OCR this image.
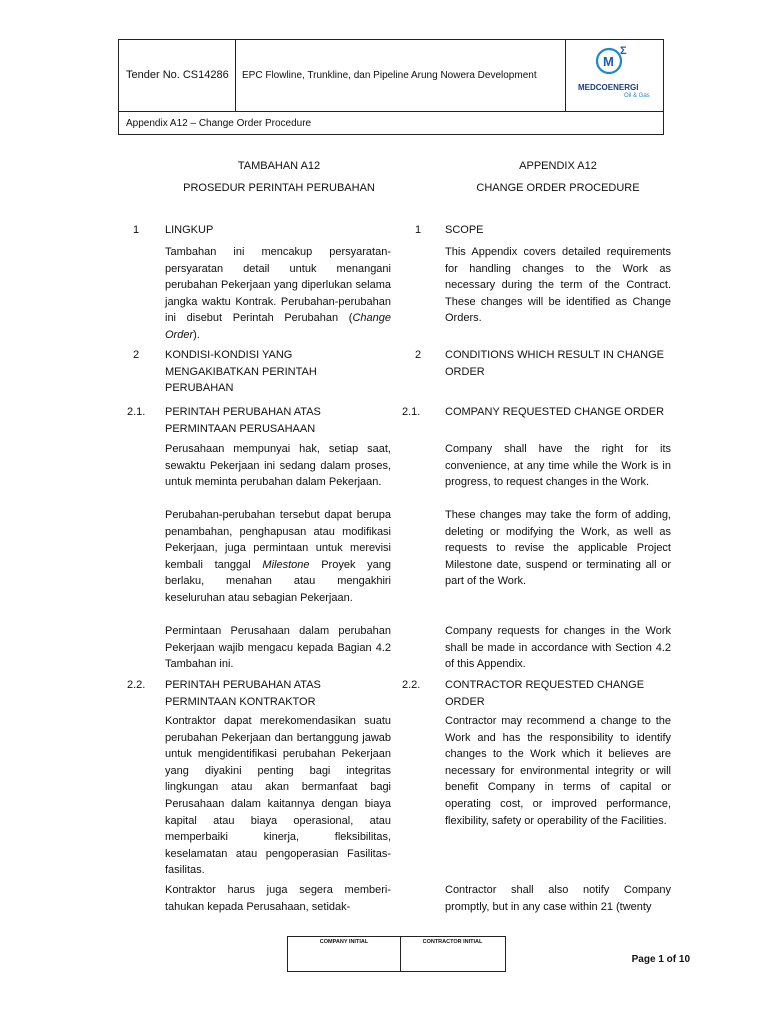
Tender No. CS14286	EPC Flowline, Trunkline, dan Pipeline Arung Nowera Development
M
Σ
MEDCOENERGI
Oil & Gas
Appendix A12 – Change Order Procedure
TAMBAHAN A12
PROSEDUR PERINTAH PERUBAHAN
APPENDIX A12
CHANGE ORDER PROCEDURE
1 LINGKUP
Tambahan ini mencakup persyaratan-persyaratan detail untuk menangani perubahan Pekerjaan yang diperlukan selama jangka waktu Kontrak. Perubahan-perubahan ini disebut Perintah Perubahan (Change Order).
1 SCOPE
This Appendix covers detailed requirements for handling changes to the Work as necessary during the term of the Contract. These changes will be identified as Change Orders.
2 KONDISI-KONDISI YANG MENGAKIBATKAN PERINTAH PERUBAHAN
2 CONDITIONS WHICH RESULT IN CHANGE ORDER
2.1. PERINTAH PERUBAHAN ATAS PERMINTAAN PERUSAHAAN
Perusahaan mempunyai hak, setiap saat, sewaktu Pekerjaan ini sedang dalam proses, untuk meminta perubahan dalam Pekerjaan.
Perubahan-perubahan tersebut dapat berupa penambahan, penghapusan atau modifikasi Pekerjaan, juga permintaan untuk merevisi kembali tanggal Milestone Proyek yang berlaku, menahan atau mengakhiri keseluruhan atau sebagian Pekerjaan.
Permintaan Perusahaan dalam perubahan Pekerjaan wajib mengacu kepada Bagian 4.2 Tambahan ini.
2.1. COMPANY REQUESTED CHANGE ORDER
Company shall have the right for its convenience, at any time while the Work is in progress, to request changes in the Work.
These changes may take the form of adding, deleting or modifying the Work, as well as requests to revise the applicable Project Milestone date, suspend or terminating all or part of the Work.
Company requests for changes in the Work shall be made in accordance with Section 4.2 of this Appendix.
2.2. PERINTAH PERUBAHAN ATAS PERMINTAAN KONTRAKTOR
Kontraktor dapat merekomendasikan suatu perubahan Pekerjaan dan bertanggung jawab untuk mengidentifikasi perubahan Pekerjaan yang diyakini penting bagi integritas lingkungan atau akan bermanfaat bagi Perusahaan dalam kaitannya dengan biaya kapital atau biaya operasional, atau memperbaiki kinerja, fleksibilitas, keselamatan atau pengoperasian Fasilitas-fasilitas.
Kontraktor harus juga segera memberi-tahukan kepada Perusahaan, setidak-
2.2. CONTRACTOR REQUESTED CHANGE ORDER
Contractor may recommend a change to the Work and has the responsibility to identify changes to the Work which it believes are necessary for environmental integrity or will benefit Company in terms of capital or operating cost, or improved performance, flexibility, safety or operability of the Facilities.
Contractor shall also notify Company promptly, but in any case within 21 (twenty
COMPANY INITIAL	CONTRACTOR INITIAL
Page 1 of 10
